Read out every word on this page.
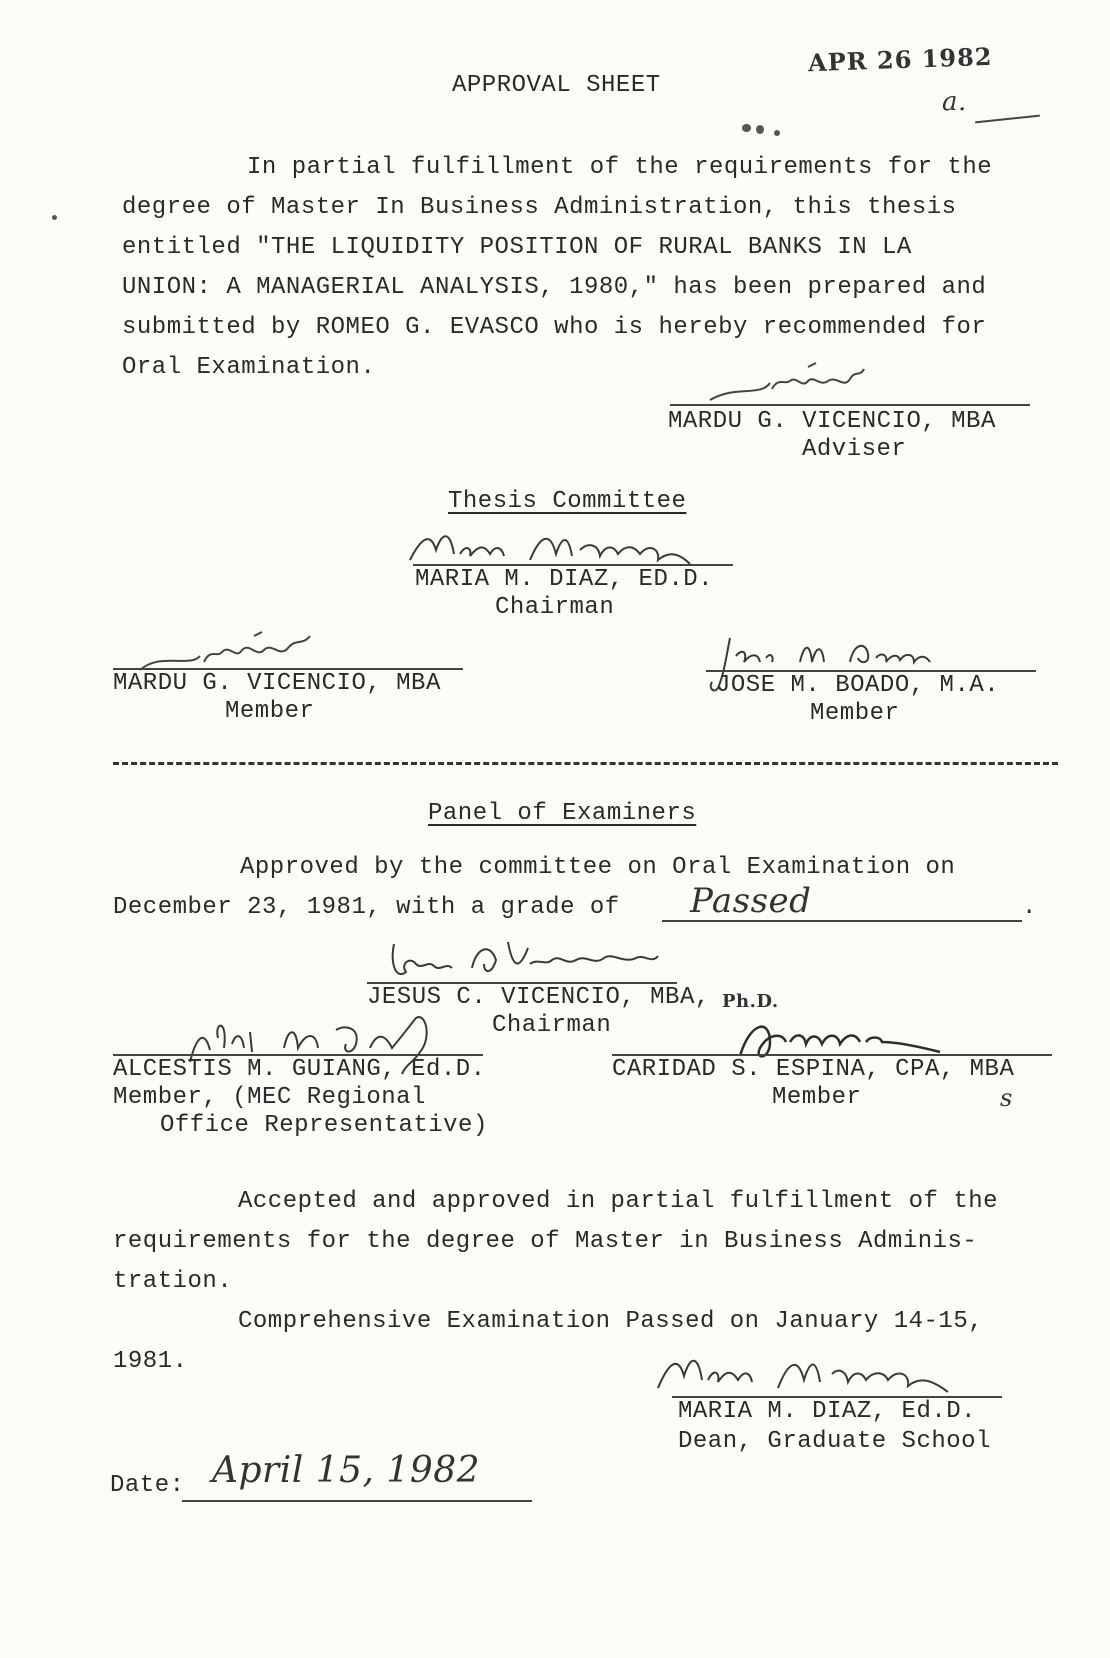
APR 26 1982
a.
APPROVAL SHEET
In partial fulfillment of the requirements for the
degree of Master In Business Administration, this thesis
entitled "THE LIQUIDITY POSITION OF RURAL BANKS IN LA
UNION: A MANAGERIAL ANALYSIS, 1980," has been prepared and
submitted by ROMEO G. EVASCO who is hereby recommended for
Oral Examination.
MARDU G. VICENCIO, MBA
Adviser
Thesis Committee
MARIA M. DIAZ, ED.D.
Chairman
MARDU G. VICENCIO, MBA
Member
JOSE M. BOADO, M.A.
Member
Panel of Examiners
Approved by the committee on Oral Examination on
December 23, 1981, with a grade of Passed	.
JESUS C. VICENCIO, MBA, Ph.D.
Chairman
ALCESTIS M. GUIANG, Ed.D.
Member, (MEC Regional
Office Representative)
CARIDAD S. ESPINA, CPA, MBA
Member	s
Accepted and approved in partial fulfillment of the
requirements for the degree of Master in Business Adminis-
tration.
Comprehensive Examination Passed on January 14-15,
1981.
MARIA M. DIAZ, Ed.D.
Dean, Graduate School
Date: April 15, 1982
